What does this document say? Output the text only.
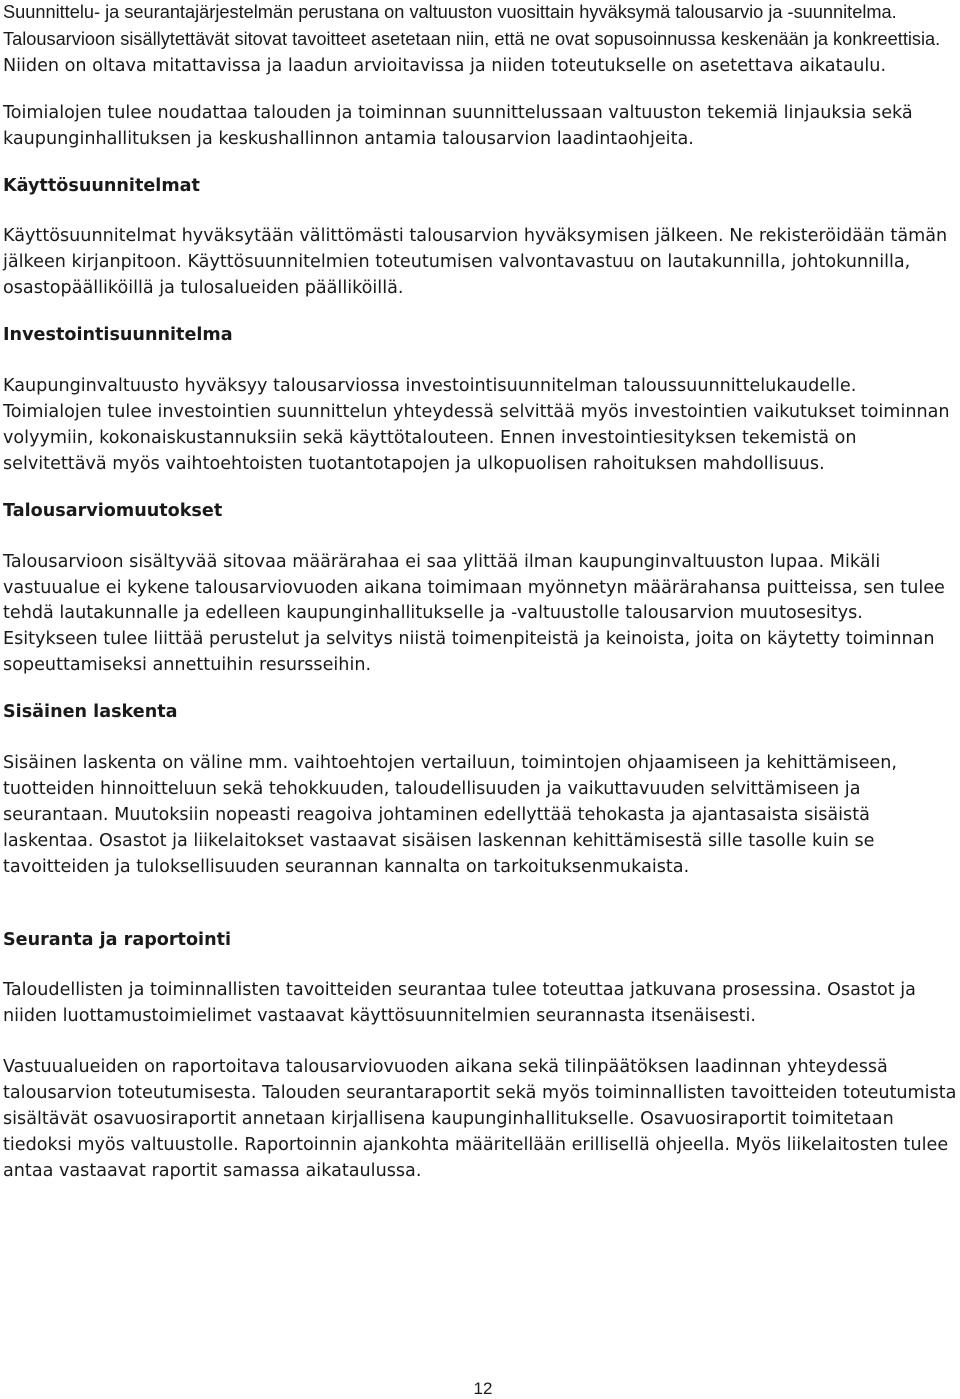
Suunnittelu- ja seurantajärjestelmän perustana on valtuuston vuosittain hyväksymä talousarvio ja -suunnitelma. Talousarvioon sisällytettävät sitovat tavoitteet asetetaan niin, että ne ovat sopusoinnussa keskenään ja konkreettisia. Niiden on oltava mitattavissa ja laadun arvioitavissa ja niiden toteutukselle on asetettava aikataulu.

Toimialojen tulee noudattaa talouden ja toiminnan suunnittelussaan valtuuston tekemiä linjauksia sekä kaupunginhallituksen ja keskushallinnon antamia talousarvion laadintaohjeita.

Käyttösuunnitelmat

Käyttösuunnitelmat hyväksytään välittömästi talousarvion hyväksymisen jälkeen. Ne rekisteröidään tämän jälkeen kirjanpitoon. Käyttösuunnitelmien toteutumisen valvontavastuu on lautakunnilla, johtokunnilla, osastopäälliköillä ja tulosalueiden päälliköillä.

Investointisuunnitelma

Kaupunginvaltuusto hyväksyy talousarviossa investointisuunnitelman taloussuunnittelukaudelle. Toimialojen tulee investointien suunnittelun yhteydessä selvittää myös investointien vaikutukset toiminnan volyymiin, kokonaiskustannuksiin sekä käyttötalouteen. Ennen investointiesityksen tekemistä on selvitettävä myös vaihtoehtoisten tuotantotapojen ja ulkopuolisen rahoituksen mahdollisuus.

Talousarviomuutokset

Talousarvioon sisältyvää sitovaa määrärahaa ei saa ylittää ilman kaupunginvaltuuston lupaa. Mikäli vastuualue ei kykene talousarviovuoden aikana toimimaan myönnetyn määrärahansa puitteissa, sen tulee tehdä lautakunnalle ja edelleen kaupunginhallitukselle ja -valtuustolle talousarvion muutosesitys. Esitykseen tulee liittää perustelut ja selvitys niistä toimenpiteistä ja keinoista, joita on käytetty toiminnan sopeuttamiseksi annettuihin resursseihin.

Sisäinen laskenta

Sisäinen laskenta on väline mm. vaihtoehtojen vertailuun, toimintojen ohjaamiseen ja kehittämiseen, tuotteiden hinnoitteluun sekä tehokkuuden, taloudellisuuden ja vaikuttavuuden selvittämiseen ja seurantaan. Muutoksiin nopeasti reagoiva johtaminen edellyttää tehokasta ja ajantasaista sisäistä laskentaa. Osastot ja liikelaitokset vastaavat sisäisen laskennan kehittämisestä sille tasolle kuin se tavoitteiden ja tuloksellisuuden seurannan kannalta on tarkoituksenmukaista.

Seuranta ja raportointi

Taloudellisten ja toiminnallisten tavoitteiden seurantaa tulee toteuttaa jatkuvana prosessina. Osastot ja niiden luottamustoimielimet vastaavat käyttösuunnitelmien seurannasta itsenäisesti.

Vastuualueiden on raportoitava talousarviovuoden aikana sekä tilinpäätöksen laadinnan yhteydessä talousarvion toteutumisesta. Talouden seurantaraportit sekä myös toiminnallisten tavoitteiden toteutumista sisältävät osavuosiraportit annetaan kirjallisena kaupunginhallitukselle. Osavuosiraportit toimitetaan tiedoksi myös valtuustolle. Raportoinnin ajankohta määritellään erillisellä ohjeella. Myös liikelaitosten tulee antaa vastaavat raportit samassa aikataulussa.

12
